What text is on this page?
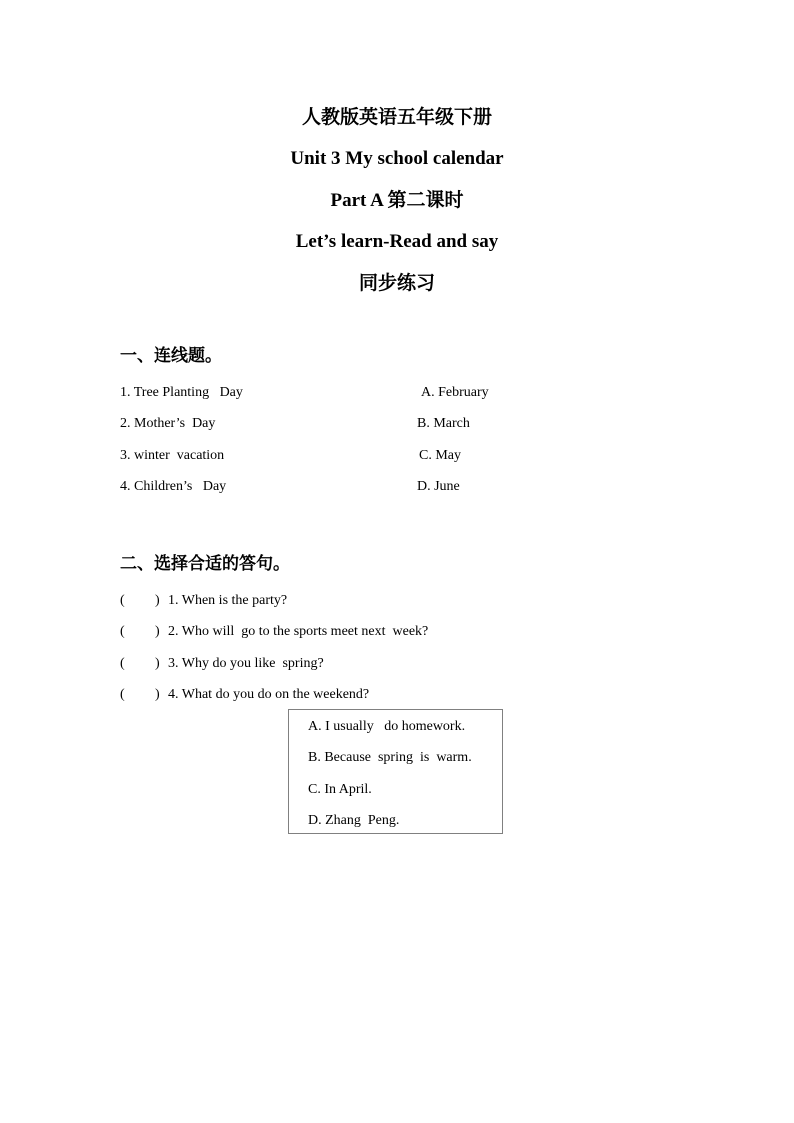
人教版英语五年级下册
Unit 3 My school calendar
Part A 第二课时
Let’s learn-Read and say
同步练习
一、连线题。
1. Tree Planting   Day	A. February
2. Mother’s  Day	B. March
3. winter  vacation	C. May
4. Children’s   Day	D. June
二、选择合适的答句。
( ) 1. When is the party?
( ) 2. Who will  go to the sports meet next  week?
( ) 3. Why do you like  spring?
( ) 4. What do you do on the weekend?
A. I usually   do homework.
B. Because  spring  is  warm.
C. In April.
D. Zhang  Peng.
